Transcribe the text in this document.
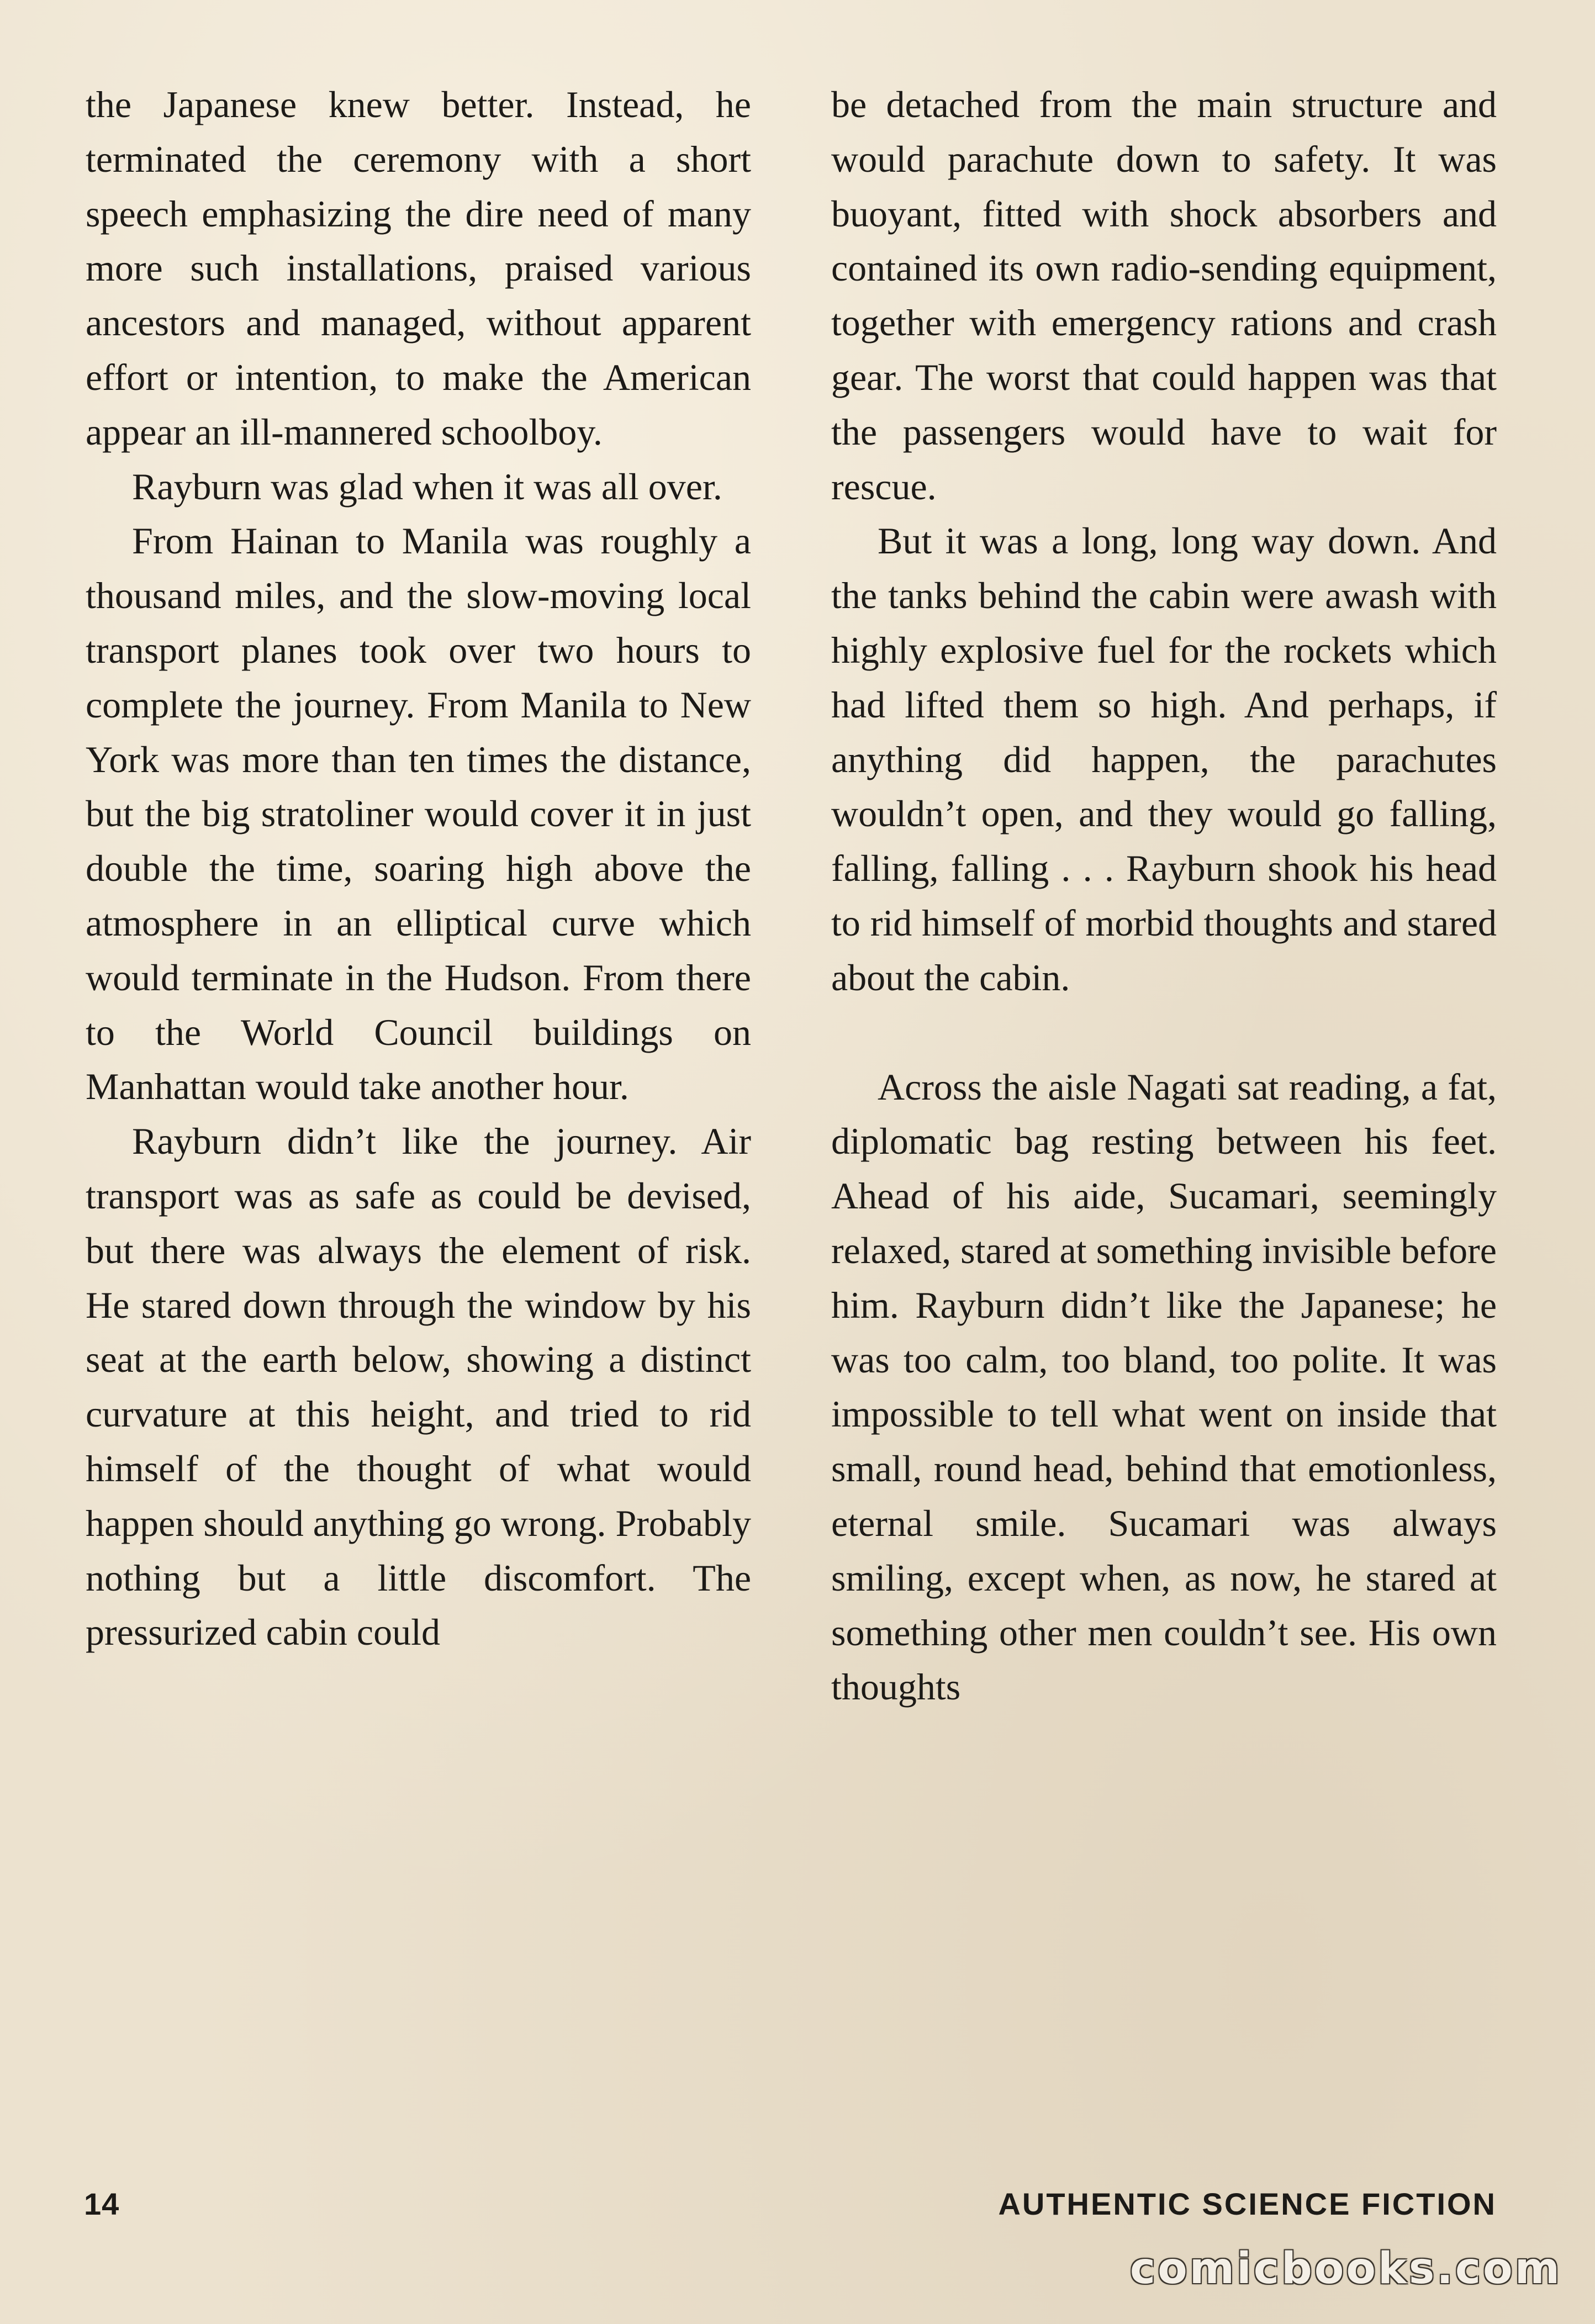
the Japanese knew better. Instead, he terminated the ceremony with a short speech emphasizing the dire need of many more such installations, praised various ancestors and managed, without apparent effort or intention, to make the American appear an ill-mannered schoolboy.

Rayburn was glad when it was all over.

From Hainan to Manila was roughly a thousand miles, and the slow-moving local transport planes took over two hours to complete the journey. From Manila to New York was more than ten times the distance, but the big stratoliner would cover it in just double the time, soaring high above the atmosphere in an elliptical curve which would terminate in the Hudson. From there to the World Council buildings on Manhattan would take another hour.

Rayburn didn’t like the journey. Air transport was as safe as could be devised, but there was always the element of risk. He stared down through the window by his seat at the earth below, showing a distinct curvature at this height, and tried to rid himself of the thought of what would happen should anything go wrong. Probably nothing but a little discomfort. The pressurized cabin could

be detached from the main structure and would parachute down to safety. It was buoyant, fitted with shock absorbers and contained its own radio-sending equipment, together with emergency rations and crash gear. The worst that could happen was that the passengers would have to wait for rescue.

But it was a long, long way down. And the tanks behind the cabin were awash with highly explosive fuel for the rockets which had lifted them so high. And perhaps, if anything did happen, the parachutes wouldn’t open, and they would go falling, falling, falling . . . Rayburn shook his head to rid himself of morbid thoughts and stared about the cabin.

Across the aisle Nagati sat reading, a fat, diplomatic bag resting between his feet. Ahead of his aide, Sucamari, seemingly relaxed, stared at something invisible before him. Rayburn didn’t like the Japanese; he was too calm, too bland, too polite. It was impossible to tell what went on inside that small, round head, behind that emotionless, eternal smile. Sucamari was always smiling, except when, as now, he stared at something other men couldn’t see. His own thoughts

14	AUTHENTIC SCIENCE FICTION
comicbooks.com
